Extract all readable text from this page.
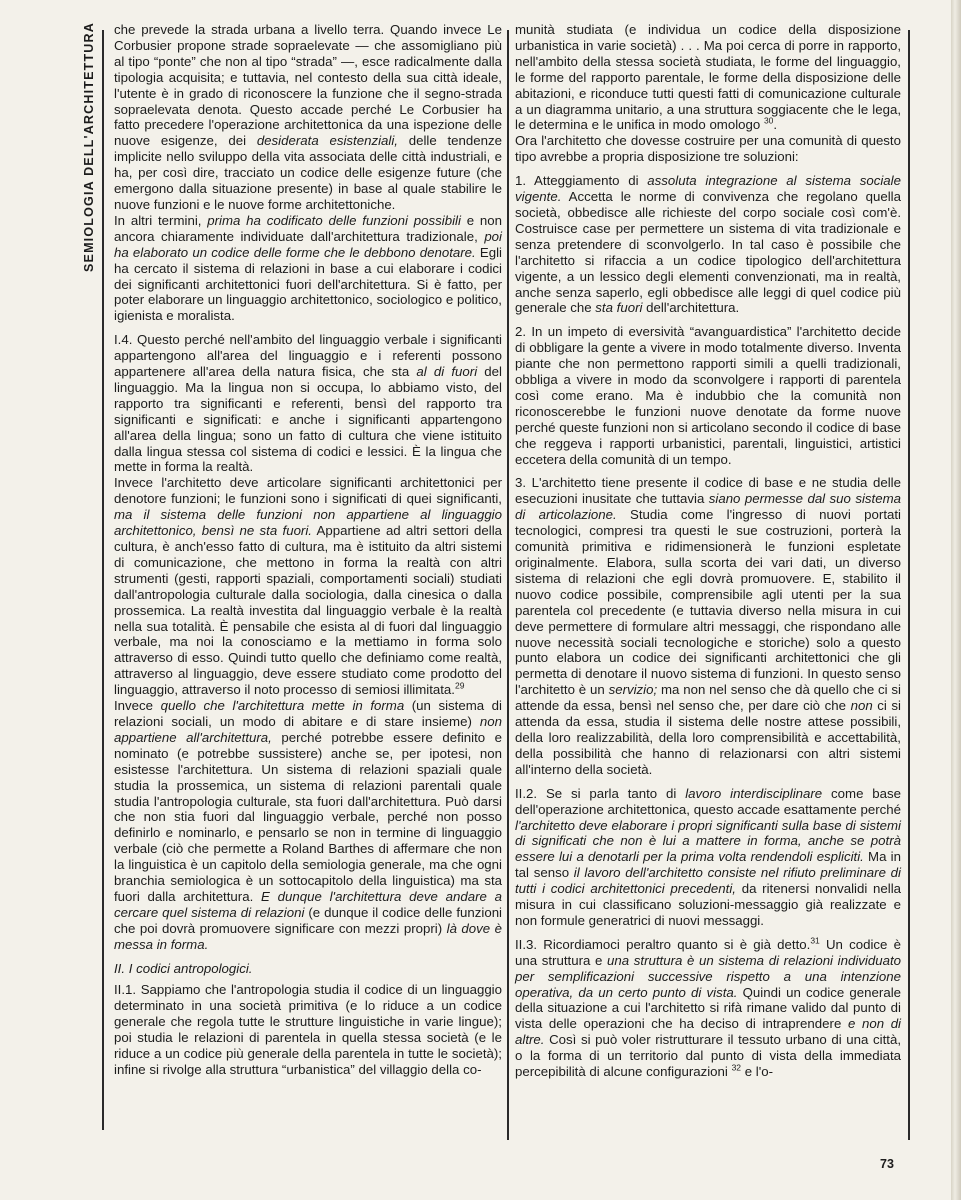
SEMIOLOGIA DELL'ARCHITETTURA che prevede la strada urbana a livello terra. Quando invece Le Corbusier propone strade sopraelevate — che assomigliano più al tipo “ponte” che non al tipo “strada” —, esce radicalmente dalla tipologia acquisita; e tuttavia, nel contesto della sua città ideale, l'utente è in grado di riconoscere la funzione che il segno-strada sopraelevata denota. Questo accade perché Le Corbusier ha fatto precedere l'operazione architettonica da una ispezione delle nuove esigenze, dei desiderata esistenziali, delle tendenze implicite nello sviluppo della vita associata delle città industriali, e ha, per così dire, tracciato un codice delle esigenze future (che emergono dalla situazione presente) in base al quale stabilire le nuove funzioni e le nuove forme architettoniche.

In altri termini, prima ha codificato delle funzioni possibili e non ancora chiaramente individuate dall'architettura tradizionale, poi ha elaborato un codice delle forme che le debbono denotare. Egli ha cercato il sistema di relazioni in base a cui elaborare i codici dei significanti architettonici fuori dell'architettura. Si è fatto, per poter elaborare un linguaggio architettonico, sociologico e politico, igienista e moralista.

I.4. Questo perché nell'ambito del linguaggio verbale i significanti appartengono all'area del linguaggio e i referenti possono appartenere all'area della natura fisica, che sta al di fuori del linguaggio. Ma la lingua non si occupa, lo abbiamo visto, del rapporto tra significanti e referenti, bensì del rapporto tra significanti e significati: e anche i significanti appartengono all'area della lingua; sono un fatto di cultura che viene istituito dalla lingua stessa col sistema di codici e lessici. È la lingua che mette in forma la realtà.

Invece l'architetto deve articolare significanti architettonici per denotore funzioni; le funzioni sono i significati di quei significanti, ma il sistema delle funzioni non appartiene al linguaggio architettonico, bensì ne sta fuori. Appartiene ad altri settori della cultura, è anch'esso fatto di cultura, ma è istituito da altri sistemi di comunicazione, che mettono in forma la realtà con altri strumenti (gesti, rapporti spaziali, comportamenti sociali) studiati dall'antropologia culturale dalla sociologia, dalla cinesica o dalla prossemica. La realtà investita dal linguaggio verbale è la realtà nella sua totalità. È pensabile che esista al di fuori dal linguaggio verbale, ma noi la conosciamo e la mettiamo in forma solo attraverso di esso. Quindi tutto quello che definiamo come realtà, attraverso al linguaggio, deve essere studiato come prodotto del linguaggio, attraverso il noto processo di semiosi illimitata.$^{29}$

Invece quello che l'architettura mette in forma (un sistema di relazioni sociali, un modo di abitare e di stare insieme) non appartiene all'architettura, perché potrebbe essere definito e nominato (e potrebbe sussistere) anche se, per ipotesi, non esistesse l'architettura. Un sistema di relazioni spaziali quale studia la prossemica, un sistema di relazioni parentali quale studia l'antropologia culturale, sta fuori dall'architettura. Può darsi che non stia fuori dal linguaggio verbale, perché non posso definirlo e nominarlo, e pensarlo se non in termine di linguaggio verbale (ciò che permette a Roland Barthes di affermare che non la linguistica è un capitolo della semiologia generale, ma che ogni branchia semiologica è un sottocapitolo della linguistica) ma sta fuori dalla architettura. E dunque l'architettura deve andare a cercare quel sistema di relazioni (e dunque il codice delle funzioni che poi dovrà promuovere significare con mezzi propri) là dove è messa in forma.

II. I codici antropologici.

II.1. Sappiamo che l'antropologia studia il codice di un linguaggio determinato in una società primitiva (e lo riduce a un codice generale che regola tutte le strutture linguistiche in varie lingue); poi studia le relazioni di parentela in quella stessa società (e le riduce a un codice più generale della parentela in tutte le società); infine si rivolge alla struttura “urbanistica” del villaggio della co-

munità studiata (e individua un codice della disposizione urbanistica in varie società) . . . Ma poi cerca di porre in rapporto, nell'ambito della stessa società studiata, le forme del linguaggio, le forme del rapporto parentale, le forme della disposizione delle abitazioni, e riconduce tutti questi fatti di comunicazione culturale a un diagramma unitario, a una struttura soggiacente che le lega, le determina e le unifica in modo omologo $^{30}$.

Ora l'architetto che dovesse costruire per una comunità di questo tipo avrebbe a propria disposizione tre soluzioni:

1. Atteggiamento di assoluta integrazione al sistema sociale vigente. Accetta le norme di convivenza che regolano quella società, obbedisce alle richieste del corpo sociale così com'è. Costruisce case per permettere un sistema di vita tradizionale e senza pretendere di sconvolgerlo. In tal caso è possibile che l'architetto si rifaccia a un codice tipologico dell'architettura vigente, a un lessico degli elementi convenzionati, ma in realtà, anche senza saperlo, egli obbedisce alle leggi di quel codice più generale che sta fuori dell'architettura.

2. In un impeto di eversività “avanguardistica” l'architetto decide di obbligare la gente a vivere in modo totalmente diverso. Inventa piante che non permettono rapporti simili a quelli tradizionali, obbliga a vivere in modo da sconvolgere i rapporti di parentela così come erano. Ma è indubbio che la comunità non riconoscerebbe le funzioni nuove denotate da forme nuove perché queste funzioni non si articolano secondo il codice di base che reggeva i rapporti urbanistici, parentali, linguistici, artistici eccetera della comunità di un tempo.

3. L'architetto tiene presente il codice di base e ne studia delle esecuzioni inusitate che tuttavia siano permesse dal suo sistema di articolazione. Studia come l'ingresso di nuovi portati tecnologici, compresi tra questi le sue costruzioni, porterà la comunità primitiva e ridimensionerà le funzioni espletate originalmente. Elabora, sulla scorta dei vari dati, un diverso sistema di relazioni che egli dovrà promuovere. E, stabilito il nuovo codice possibile, comprensibile agli utenti per la sua parentela col precedente (e tuttavia diverso nella misura in cui deve permettere di formulare altri messaggi, che rispondano alle nuove necessità sociali tecnologiche e storiche) solo a questo punto elabora un codice dei significanti architettonici che gli permetta di denotare il nuovo sistema di funzioni. In questo senso l'architetto è un servizio; ma non nel senso che dà quello che ci si attende da essa, bensì nel senso che, per dare ciò che non ci si attenda da essa, studia il sistema delle nostre attese possibili, della loro realizzabilità, della loro comprensibilità e accettabilità, della possibilità che hanno di relazionarsi con altri sistemi all'interno della società.

II.2. Se si parla tanto di lavoro interdisciplinare come base dell'operazione architettonica, questo accade esattamente perché l'architetto deve elaborare i propri significanti sulla base di sistemi di significati che non è lui a mattere in forma, anche se potrà essere lui a denotarli per la prima volta rendendoli espliciti. Ma in tal senso il lavoro dell'architetto consiste nel rifiuto preliminare di tutti i codici architettonici precedenti, da ritenersi nonvalidi nella misura in cui classificano soluzioni-messaggio già realizzate e non formule generatrici di nuovi messaggi.

II.3. Ricordiamoci peraltro quanto si è già detto.$^{31}$ Un codice è una struttura e una struttura è un sistema di relazioni individuato per semplificazioni successive rispetto a una intenzione operativa, da un certo punto di vista. Quindi un codice generale della situazione a cui l'architetto si rifà rimane valido dal punto di vista delle operazioni che ha deciso di intraprendere e non di altre. Così si può voler ristrutturare il tessuto urbano di una città, o la forma di un territorio dal punto di vista della immediata percepibilità di alcune configurazioni $^{32}$ e l'o-

73
